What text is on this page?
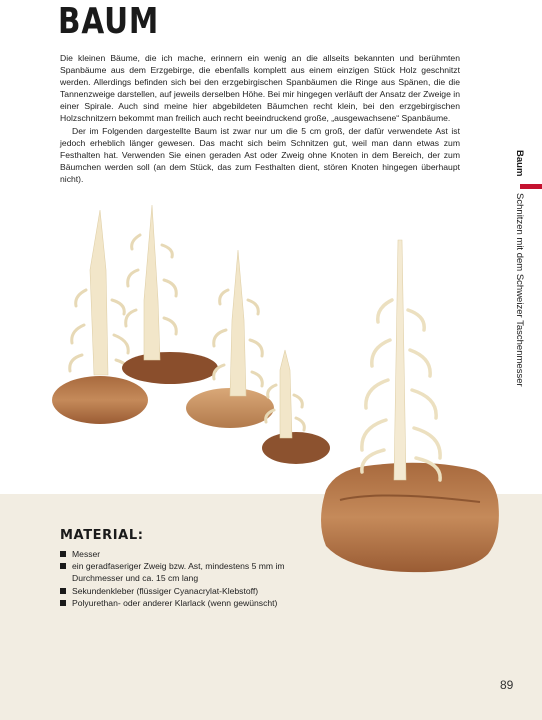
BAUM

Die kleinen Bäume, die ich mache, erinnern ein wenig an die allseits bekannten und berühmten Spanbäume aus dem Erzgebirge, die ebenfalls komplett aus einem einzigen Stück Holz geschnitzt werden. Allerdings befinden sich bei den erzgebirgischen Spanbäumen die Ringe aus Spänen, die die Tannenzweige darstellen, auf jeweils derselben Höhe. Bei mir hingegen verläuft der Ansatz der Zweige in einer Spirale. Auch sind meine hier abgebildeten Bäumchen recht klein, bei den erzgebirgischen Holzschnitzern bekommt man freilich auch recht beeindruckend große, „ausgewachsene“ Spanbäume.

Der im Folgenden dargestellte Baum ist zwar nur um die 5 cm groß, der dafür verwendete Ast ist jedoch erheblich länger gewesen. Das macht sich beim Schnitzen gut, weil man dann etwas zum Festhalten hat. Verwenden Sie einen geraden Ast oder Zweig ohne Knoten in dem Bereich, der zum Bäumchen werden soll (an dem Stück, das zum Festhalten dient, stören Knoten hingegen überhaupt nicht).

Baum Schnitzen mit dem Schweizer Taschenmesser
MATERIAL:
Messer
ein geradfaseriger Zweig bzw. Ast, mindestens 5 mm im Durchmesser und ca. 15 cm lang
Sekundenkleber (flüssiger Cyanacrylat-Klebstoff)
Polyurethan- oder anderer Klarlack (wenn gewünscht)
89
